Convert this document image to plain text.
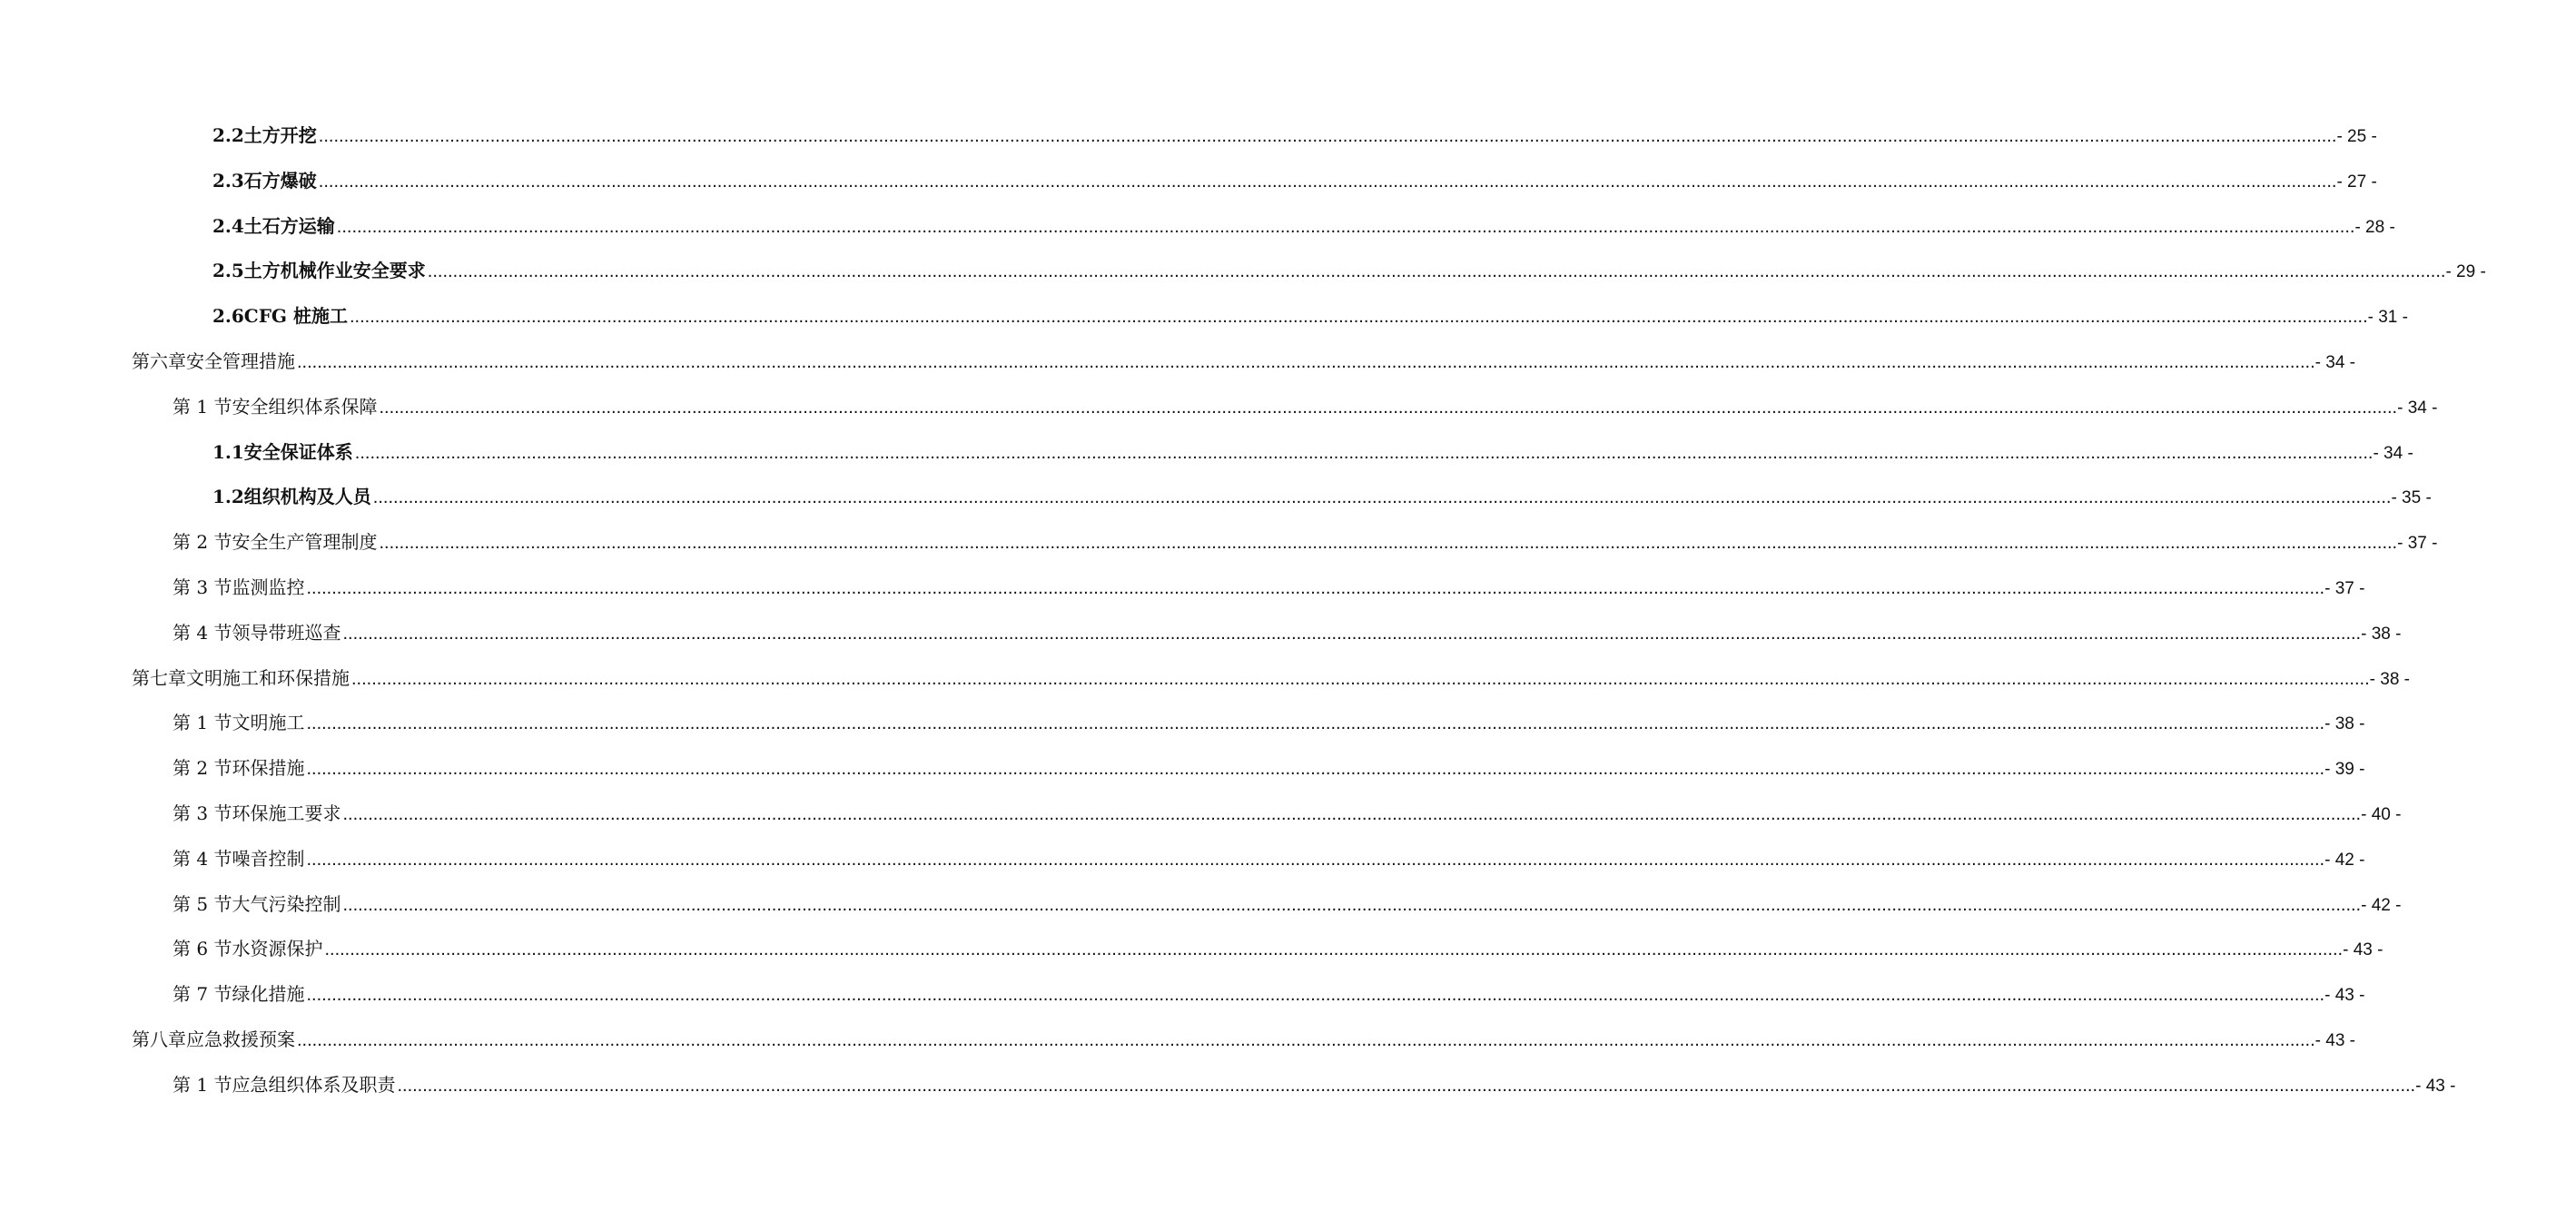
2.2 土方开挖 ................................................................................................................................................................................................................................................................................................................................................................................................................ - 25 -
2.3 石方爆破 ................................................................................................................................................................................................................................................................................................................................................................................................................ - 27 -
2.4 土石方运输 ................................................................................................................................................................................................................................................................................................................................................................................................................ - 28 -
2.5 土方机械作业安全要求 ................................................................................................................................................................................................................................................................................................................................................................................................................ - 29 -
2.6 CFG 桩施工 ................................................................................................................................................................................................................................................................................................................................................................................................................ - 31 -
第六章 安全管理措施 ................................................................................................................................................................................................................................................................................................................................................................................................................ - 34 -
第 1 节 安全组织体系保障 ................................................................................................................................................................................................................................................................................................................................................................................................................ - 34 -
1.1 安全保证体系 ................................................................................................................................................................................................................................................................................................................................................................................................................ - 34 -
1.2 组织机构及人员 ................................................................................................................................................................................................................................................................................................................................................................................................................ - 35 -
第 2 节 安全生产管理制度 ................................................................................................................................................................................................................................................................................................................................................................................................................ - 37 -
第 3 节 监测监控 ................................................................................................................................................................................................................................................................................................................................................................................................................ - 37 -
第 4 节 领导带班巡查 ................................................................................................................................................................................................................................................................................................................................................................................................................ - 38 -
第七章 文明施工和环保措施 ................................................................................................................................................................................................................................................................................................................................................................................................................ - 38 -
第 1 节 文明施工 ................................................................................................................................................................................................................................................................................................................................................................................................................ - 38 -
第 2 节 环保措施 ................................................................................................................................................................................................................................................................................................................................................................................................................ - 39 -
第 3 节 环保施工要求 ................................................................................................................................................................................................................................................................................................................................................................................................................ - 40 -
第 4 节 噪音控制 ................................................................................................................................................................................................................................................................................................................................................................................................................ - 42 -
第 5 节 大气污染控制 ................................................................................................................................................................................................................................................................................................................................................................................................................ - 42 -
第 6 节 水资源保护 ................................................................................................................................................................................................................................................................................................................................................................................................................ - 43 -
第 7 节 绿化措施 ................................................................................................................................................................................................................................................................................................................................................................................................................ - 43 -
第八章 应急救援预案 ................................................................................................................................................................................................................................................................................................................................................................................................................ - 43 -
第 1 节 应急组织体系及职责 ................................................................................................................................................................................................................................................................................................................................................................................................................ - 43 -
